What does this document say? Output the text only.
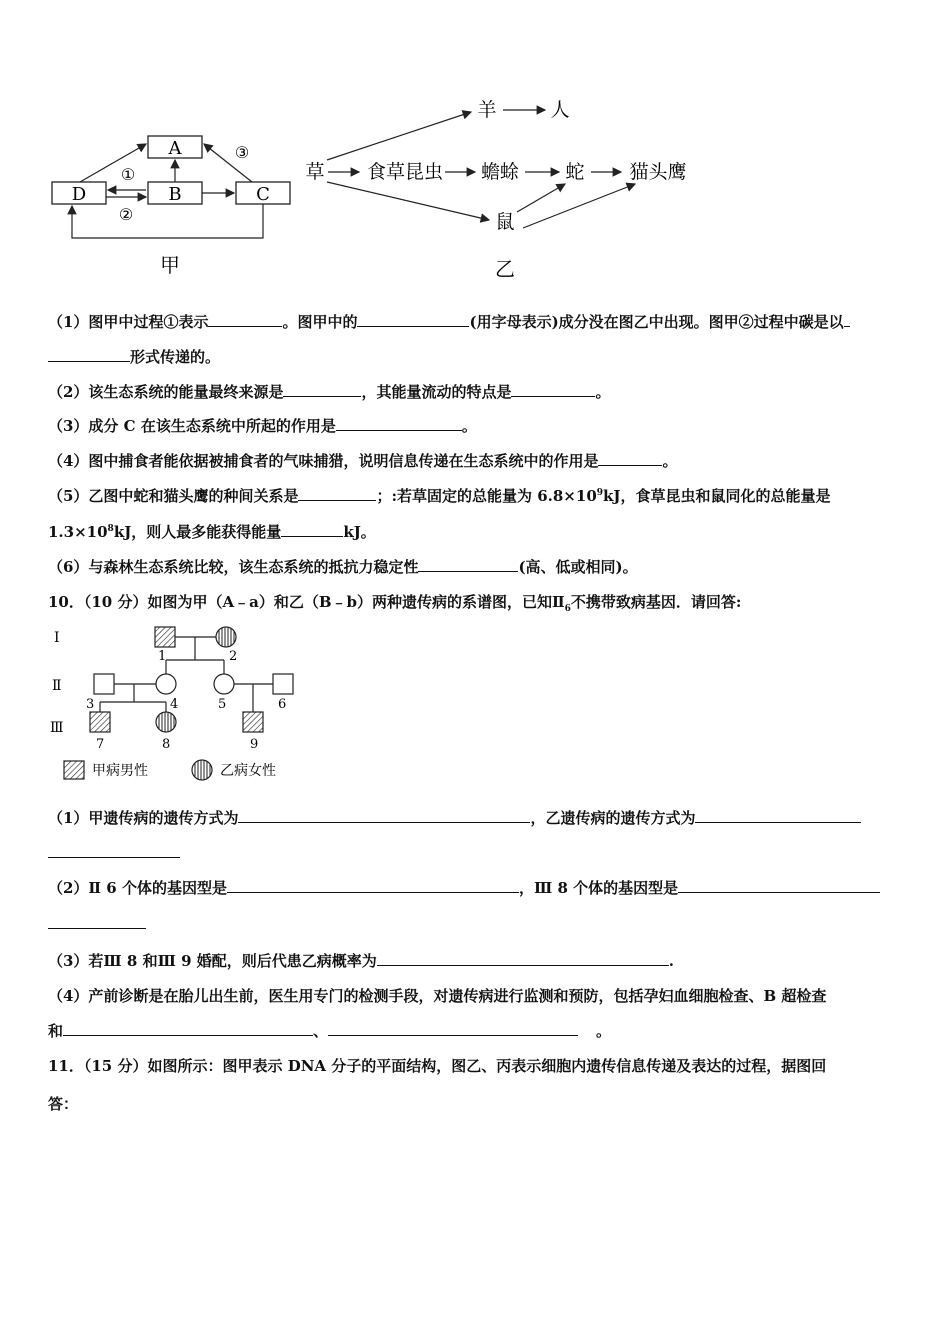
A
B	C
D
①
②
③
甲
草 食草昆虫 蟾蜍 蛇 猫头鹰
羊	人
鼠
乙
（1）图甲中过程①表示	。图甲中的	(用字母表示)成分没在图乙中出现。图甲②过程中碳是以
形式传递的。
（2）该生态系统的能量最终来源是	，其能量流动的特点是	。
（3）成分 C 在该生态系统中所起的作用是	。
（4）图中捕食者能依据被捕食者的气味捕猎，说明信息传递在生态系统中的作用是	。
（5）乙图中蛇和猫头鹰的种间关系是	；:若草固定的总能量为 $6.8\times 10^9kJ$，食草昆虫和鼠同化的总能量是
$1.3\times 10^8kJ$，则人最多能获得能量	kJ。
（6）与森林生态系统比较，该生态系统的抵抗力稳定性	(高、低或相同)。
10．（10 分）如图为甲（A﹣a）和乙（B﹣b）两种遗传病的系谱图，已知$Ⅱ_6$不携带致病基因．请回答:
Ⅰ
Ⅱ
Ⅲ
1	2
3	4	5	6
7	8	9
甲病男性	乙病女性
（1）甲遗传病的遗传方式为	，乙遗传病的遗传方式为
（2）Ⅱ 6 个体的基因型是	，Ⅲ 8 个体的基因型是
（3）若Ⅲ 8 和Ⅲ 9 婚配，则后代患乙病概率为	.
（4）产前诊断是在胎儿出生前，医生用专门的检测手段，对遗传病进行监测和预防，包括孕妇血细胞检查、B 超检查
和	、	。
11．（15 分）如图所示：图甲表示 DNA 分子的平面结构，图乙、丙表示细胞内遗传信息传递及表达的过程，据图回
答：
